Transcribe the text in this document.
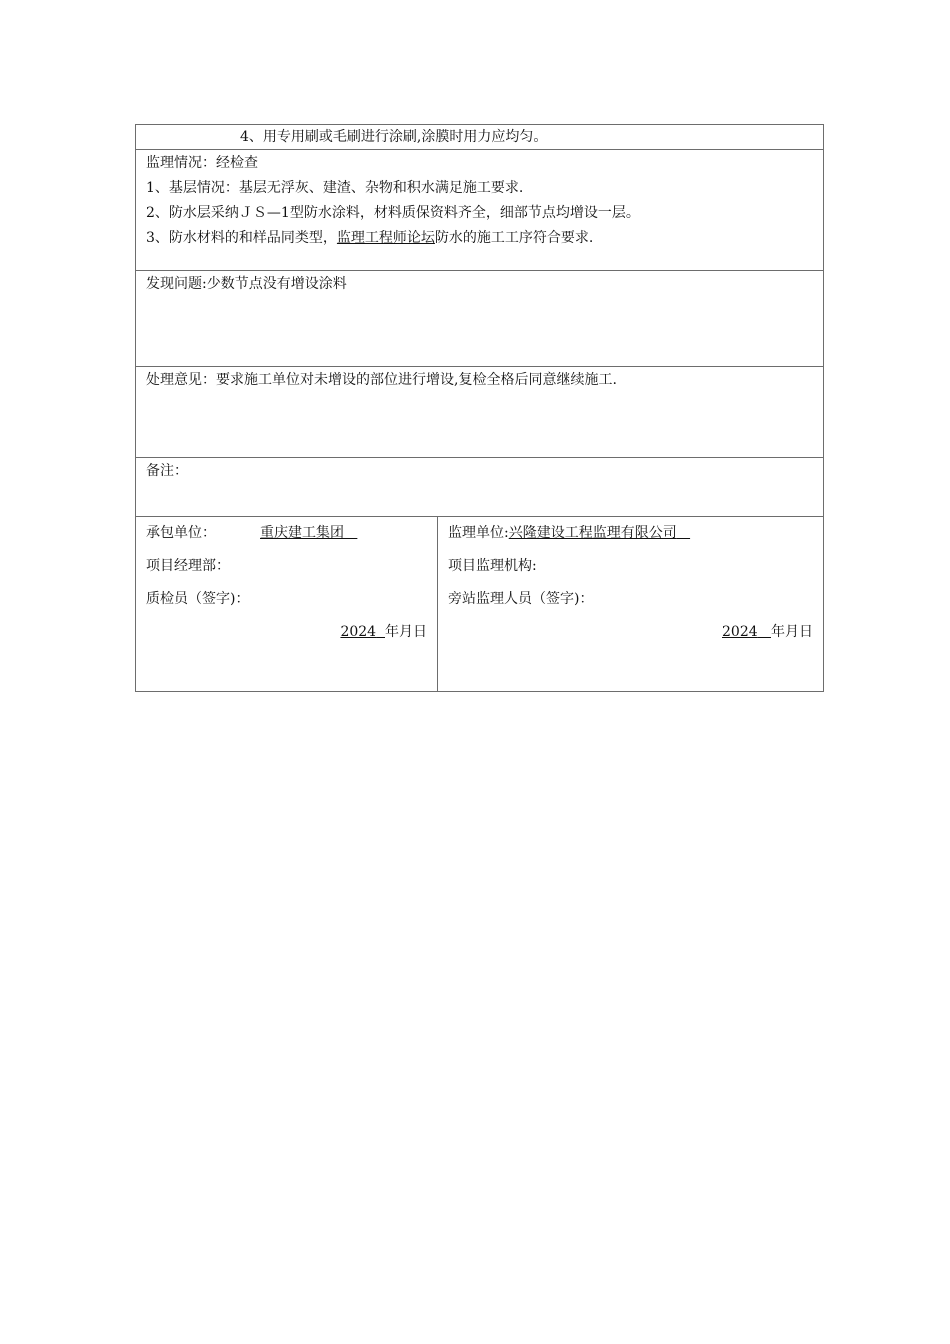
4、用专用刷或毛刷进行涂刷,涂膜时用力应均匀。
监理情况：经检查
1、基层情况：基层无浮灰、建渣、杂物和积水满足施工要求.
2、防水层采纳ＪＳ—1型防水涂料，材料质保资料齐全，细部节点均增设一层。
3、防水材料的和样品同类型，监理工程师论坛防水的施工工序符合要求.
发现问题:少数节点没有增设涂料
处理意见：要求施工单位对未增设的部位进行增设,复检全格后同意继续施工.
备注：
承包单位：	重庆建工集团
项目经理部：
质检员（签字)：
2024 年月日
监理单位:兴隆建设工程监理有限公司
项目监理机构:
旁站监理人员（签字)：
2024 年月日
